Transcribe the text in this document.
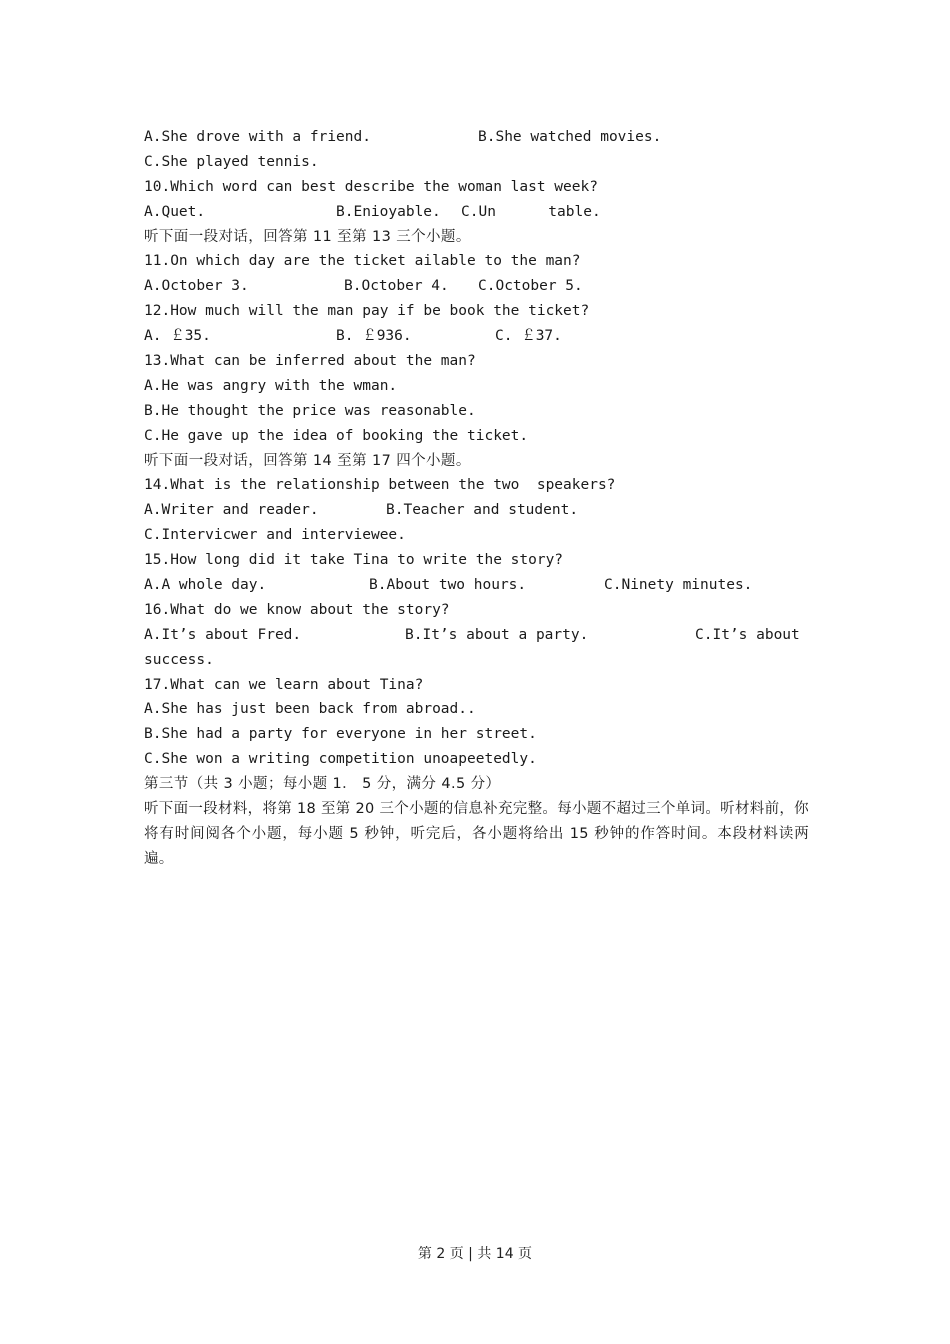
A.She drove with a friend.

	B.She watched movies.

C.She played tennis.
10.Which word can best describe the woman last week?

A.Quet.

	B.Enioyable.

C.Un      table.

听下面一段对话，回答第 11 至第 13 三个小题。
11.On which day are the ticket ailable to the man?

A.October 3.

	B.October 4.

C.October 5.

12.How much will the man pay if be book the ticket?

A. ￡35.

	B. ￡936.

	C. ￡37.

13.What can be inferred about the man?
A.He was angry with the wman.
B.He thought the price was reasonable.
C.He gave up the idea of booking the ticket.
听下面一段对话，回答第 14 至第 17 四个小题。
14.What is the relationship between the two  speakers?

A.Writer and reader.

	B.Teacher and student.

C.Intervicwer and interviewee.
15.How long did it take Tina to write the story?

A.A whole day.

	B.About two hours.

	C.Ninety minutes.

16.What do we know about the story?

A.It’s about Fred.

	B.It’s about a party.

	C.It’s about

success.
17.What can we learn about Tina?
A.She has just been back from abroad..
B.She had a party for everyone in her street.
C.She won a writing competition unoapeetedly.
第三节（共 3 小题；每小题 1． 5 分，满分 4.5 分）
听下面一段材料，将第 18 至第 20 三个小题的信息补充完整。每小题不超过三个单词。听材料前，你将有时间阅各个小题，每小题 5 秒钟，听完后，各小题将给出 15 秒钟的作答时间。本段材料读两遍。
第 2 页 | 共 14 页
